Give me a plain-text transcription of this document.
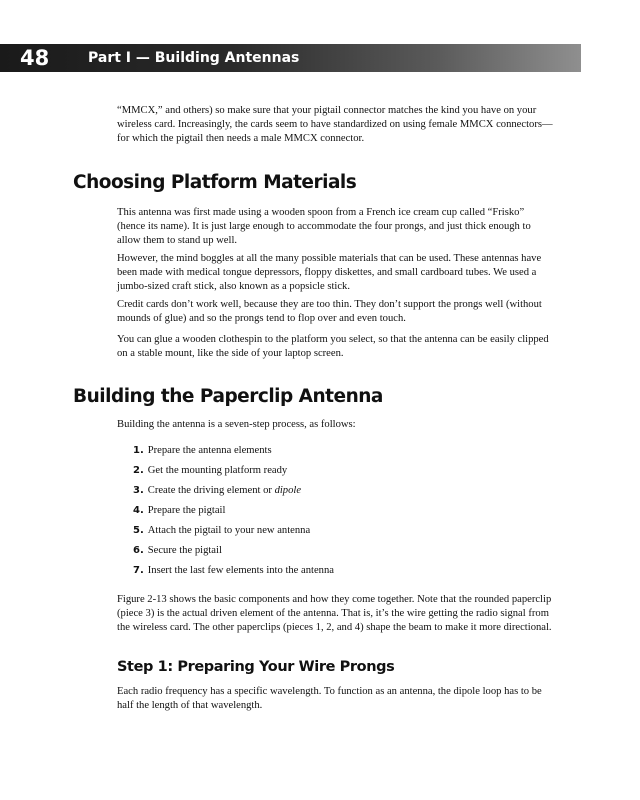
48	Part I — Building Antennas

“MMCX,” and others) so make sure that your pigtail connector matches the kind you have on your wireless card. Increasingly, the cards seem to have standardized on using female MMCX connectors—for which the pigtail then needs a male MMCX connector.

Choosing Platform Materials

This antenna was first made using a wooden spoon from a French ice cream cup called “Frisko” (hence its name). It is just large enough to accommodate the four prongs, and just thick enough to allow them to stand up well.

However, the mind boggles at all the many possible materials that can be used. These antennas have been made with medical tongue depressors, floppy diskettes, and small cardboard tubes. We used a jumbo-sized craft stick, also known as a popsicle stick.

Credit cards don’t work well, because they are too thin. They don’t support the prongs well (without mounds of glue) and so the prongs tend to flop over and even touch.

You can glue a wooden clothespin to the platform you select, so that the antenna can be easily clipped on a stable mount, like the side of your laptop screen.

Building the Paperclip Antenna

Building the antenna is a seven-step process, as follows:

1. Prepare the antenna elements
2. Get the mounting platform ready
3. Create the driving element or dipole
4. Prepare the pigtail
5. Attach the pigtail to your new antenna
6. Secure the pigtail
7. Insert the last few elements into the antenna

Figure 2-13 shows the basic components and how they come together. Note that the rounded paperclip (piece 3) is the actual driven element of the antenna. That is, it’s the wire getting the radio signal from the wireless card. The other paperclips (pieces 1, 2, and 4) shape the beam to make it more directional.

Step 1: Preparing Your Wire Prongs

Each radio frequency has a specific wavelength. To function as an antenna, the dipole loop has to be half the length of that wavelength.
